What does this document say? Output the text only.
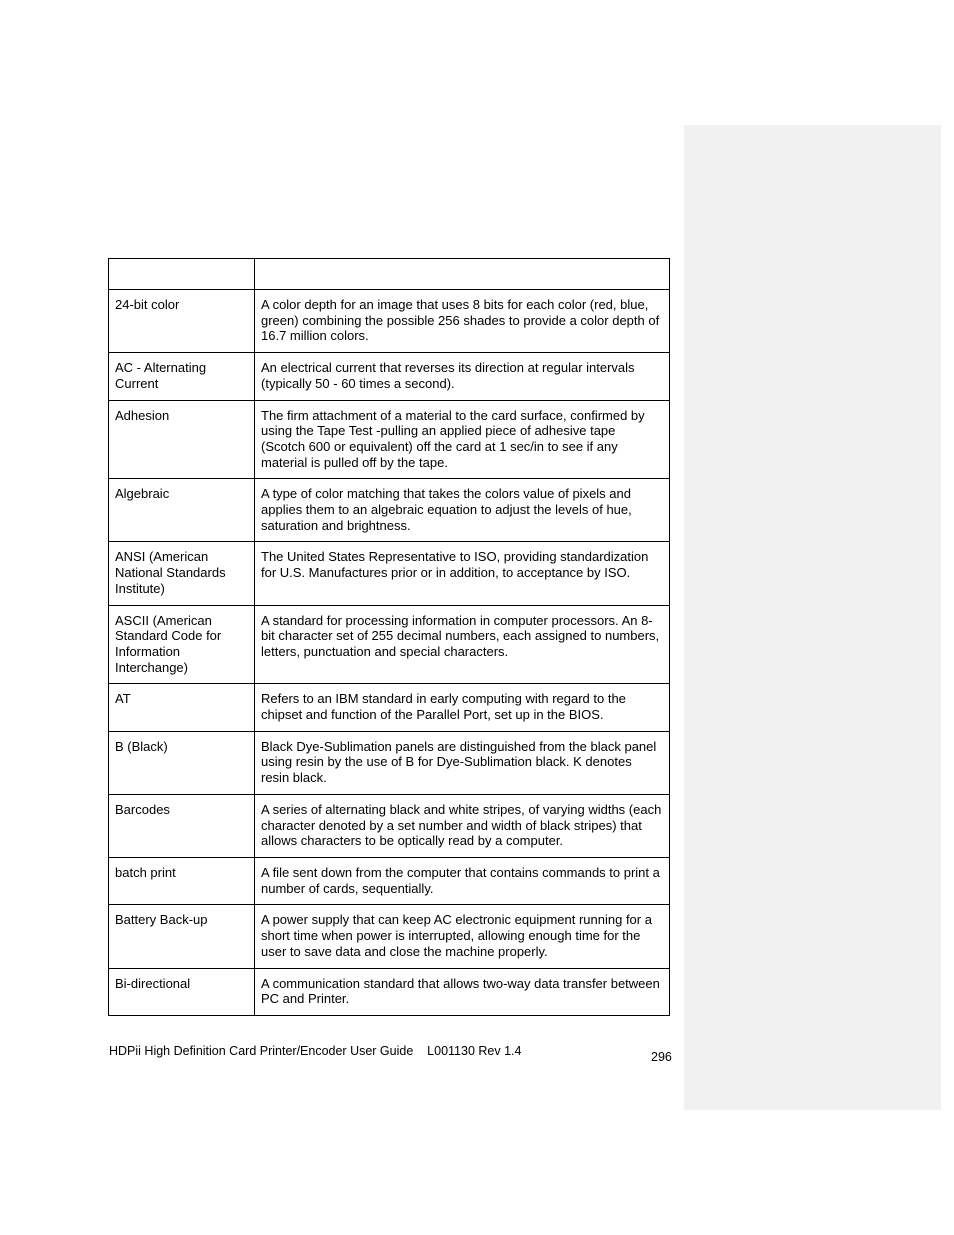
24-bit color	A color depth for an image that uses 8 bits for each color (red, blue, green) combining the possible 256 shades to provide a color depth of 16.7 million colors.
AC - Alternating Current	An electrical current that reverses its direction at regular intervals (typically 50 - 60 times a second).
Adhesion	The firm attachment of a material to the card surface, confirmed by using the Tape Test -pulling an applied piece of adhesive tape (Scotch 600 or equivalent) off the card at 1 sec/in to see if any material is pulled off by the tape.
Algebraic	A type of color matching that takes the colors value of pixels and applies them to an algebraic equation to adjust the levels of hue, saturation and brightness.
ANSI (American National Standards Institute)	The United States Representative to ISO, providing standardization for U.S. Manufactures prior or in addition, to acceptance by ISO.
ASCII (American Standard Code for Information Interchange)	A standard for processing information in computer processors. An 8-bit character set of 255 decimal numbers, each assigned to numbers, letters, punctuation and special characters.
AT	Refers to an IBM standard in early computing with regard to the chipset and function of the Parallel Port, set up in the BIOS.
B (Black)	Black Dye-Sublimation panels are distinguished from the black panel using resin by the use of B for Dye-Sublimation black. K denotes resin black.
Barcodes	A series of alternating black and white stripes, of varying widths (each character denoted by a set number and width of black stripes) that allows characters to be optically read by a computer.
batch print	A file sent down from the computer that contains commands to print a number of cards, sequentially.
Battery Back-up	A power supply that can keep AC electronic equipment running for a short time when power is interrupted, allowing enough time for the user to save data and close the machine properly.
Bi-directional	A communication standard that allows two-way data transfer between PC and Printer.
HDPii High Definition Card Printer/Encoder User Guide    L001130 Rev 1.4	296
